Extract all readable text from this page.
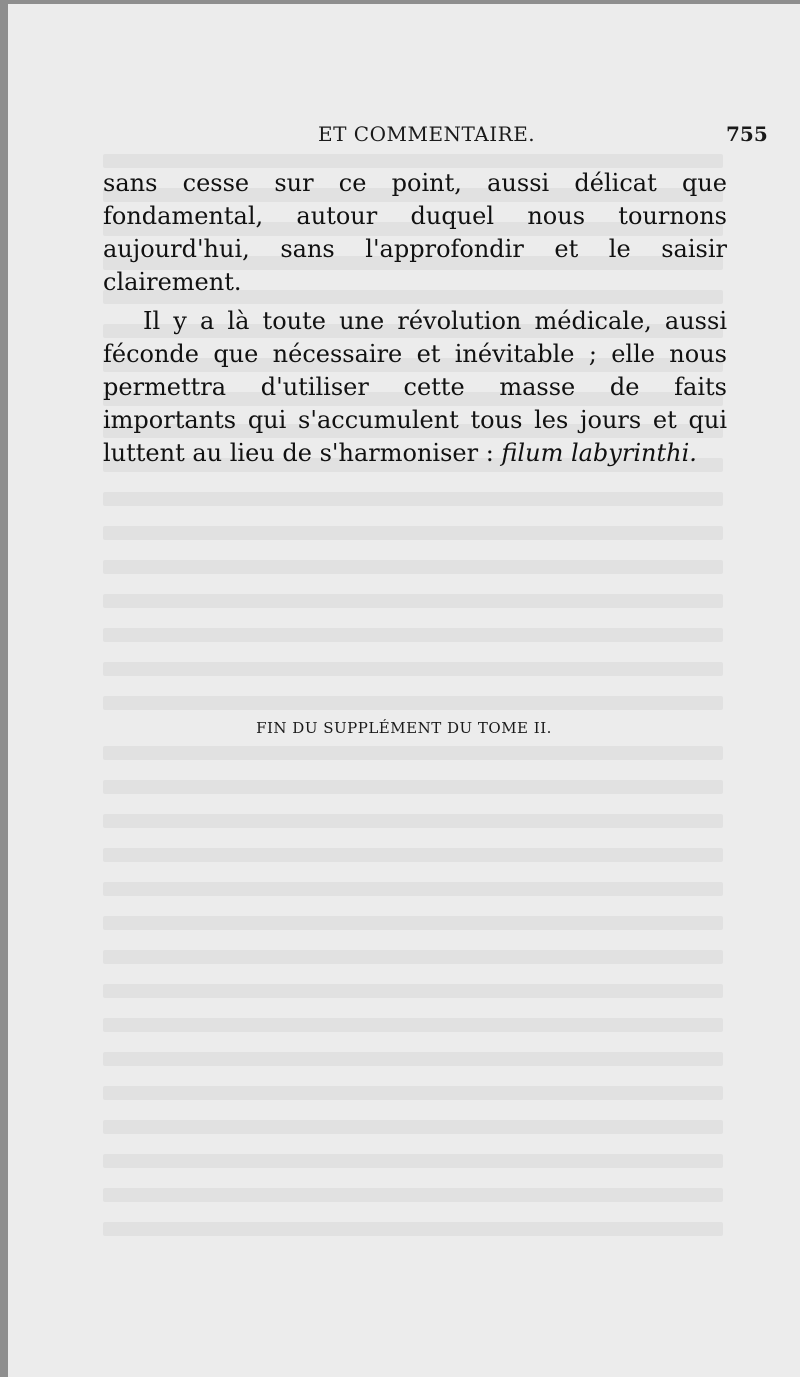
ET COMMENTAIRE.	755

sans cesse sur ce point, aussi délicat que fondamental, autour duquel nous tournons aujourd'hui, sans l'approfondir et le saisir clairement.

Il y a là toute une révolution médicale, aussi féconde que nécessaire et inévitable ; elle nous permettra d'utiliser cette masse de faits importants qui s'accumulent tous les jours et qui luttent au lieu de s'harmoniser : filum labyrinthi.

FIN DU SUPPLÉMENT DU TOME II.
